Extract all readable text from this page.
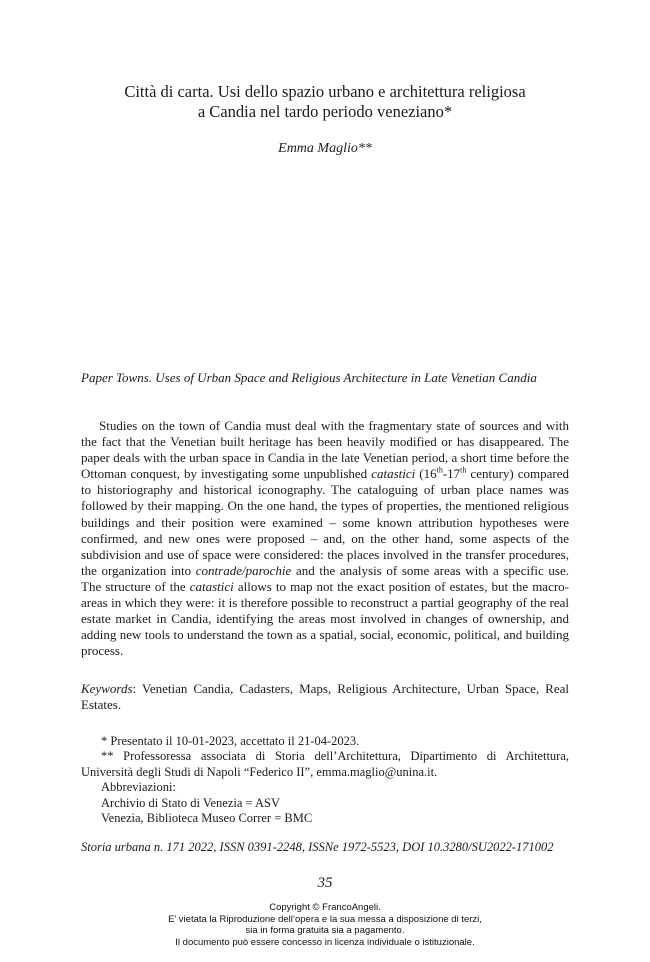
Città di carta. Usi dello spazio urbano e architettura religiosa
a Candia nel tardo periodo veneziano*
Emma Maglio**
Paper Towns. Uses of Urban Space and Religious Architecture in Late Venetian Candia

Studies on the town of Candia must deal with the fragmentary state of sources and with the fact that the Venetian built heritage has been heavily modified or has disappeared. The paper deals with the urban space in Candia in the late Venetian period, a short time before the Ottoman conquest, by investigating some unpublished catastici (16th-17th century) compared to historiography and historical iconography. The cataloguing of urban place names was followed by their mapping. On the one hand, the types of properties, the mentioned religious buildings and their position were examined – some known attribution hypotheses were confirmed, and new ones were proposed – and, on the other hand, some aspects of the subdivision and use of space were considered: the places involved in the transfer procedures, the organization into contrade/parochie and the analysis of some areas with a specific use. The structure of the catastici allows to map not the exact position of estates, but the macro-areas in which they were: it is therefore possible to reconstruct a partial geography of the real estate market in Candia, identifying the areas most involved in changes of ownership, and adding new tools to understand the town as a spatial, social, economic, political, and building process.

Keywords: Venetian Candia, Cadasters, Maps, Religious Architecture, Urban Space, Real Estates.
* Presentato il 10-01-2023, accettato il 21-04-2023.
** Professoressa associata di Storia dell’Architettura, Dipartimento di Architettura, Università degli Studi di Napoli “Federico II”, emma.maglio@unina.it.
Abbreviazioni:
Archivio di Stato di Venezia = ASV
Venezia, Biblioteca Museo Correr = BMC
Storia urbana n. 171 2022, ISSN 0391-2248, ISSNe 1972-5523, DOI 10.3280/SU2022-171002
35
Copyright © FrancoAngeli.
E’ vietata la Riproduzione dell’opera e la sua messa a disposizione di terzi,
sia in forma gratuita sia a pagamento.
Il documento può essere concesso in licenza individuale o istituzionale.
